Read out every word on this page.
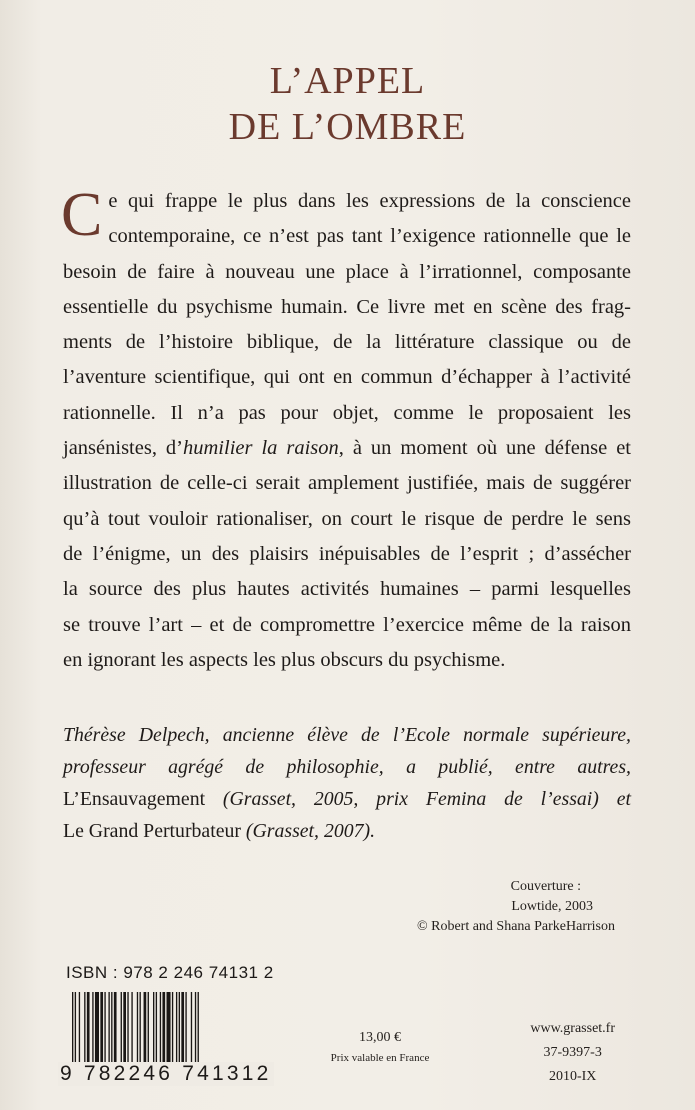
L’APPEL
DE L’OMBRE
C e qui frappe le plus dans les expressions de la conscience
contemporaine, ce n’est pas tant l’exigence rationnelle que le
besoin de faire à nouveau une place à l’irrationnel, composante
essentielle du psychisme humain. Ce livre met en scène des frag-
ments de l’histoire biblique, de la littérature classique ou de
l’aventure scientifique, qui ont en commun d’échapper à l’activité
rationnelle. Il n’a pas pour objet, comme le proposaient les
jansénistes, d’humilier la raison, à un moment où une défense et
illustration de celle-ci serait amplement justifiée, mais de suggérer
qu’à tout vouloir rationaliser, on court le risque de perdre le sens
de l’énigme, un des plaisirs inépuisables de l’esprit ; d’assécher
la source des plus hautes activités humaines – parmi lesquelles
se trouve l’art – et de compromettre l’exercice même de la raison
en ignorant les aspects les plus obscurs du psychisme.
Thérèse Delpech, ancienne élève de l’Ecole normale supérieure,
professeur agrégé de philosophie, a publié, entre autres,
L’Ensauvagement (Grasset, 2005, prix Femina de l’essai) et
Le Grand Perturbateur (Grasset, 2007).
Couverture :
Lowtide, 2003
© Robert and Shana ParkeHarrison
ISBN : 978 2 246 74131 2
9 782246 741312
13,00 €
Prix valable en France
www.grasset.fr
37-9397-3
2010-IX
